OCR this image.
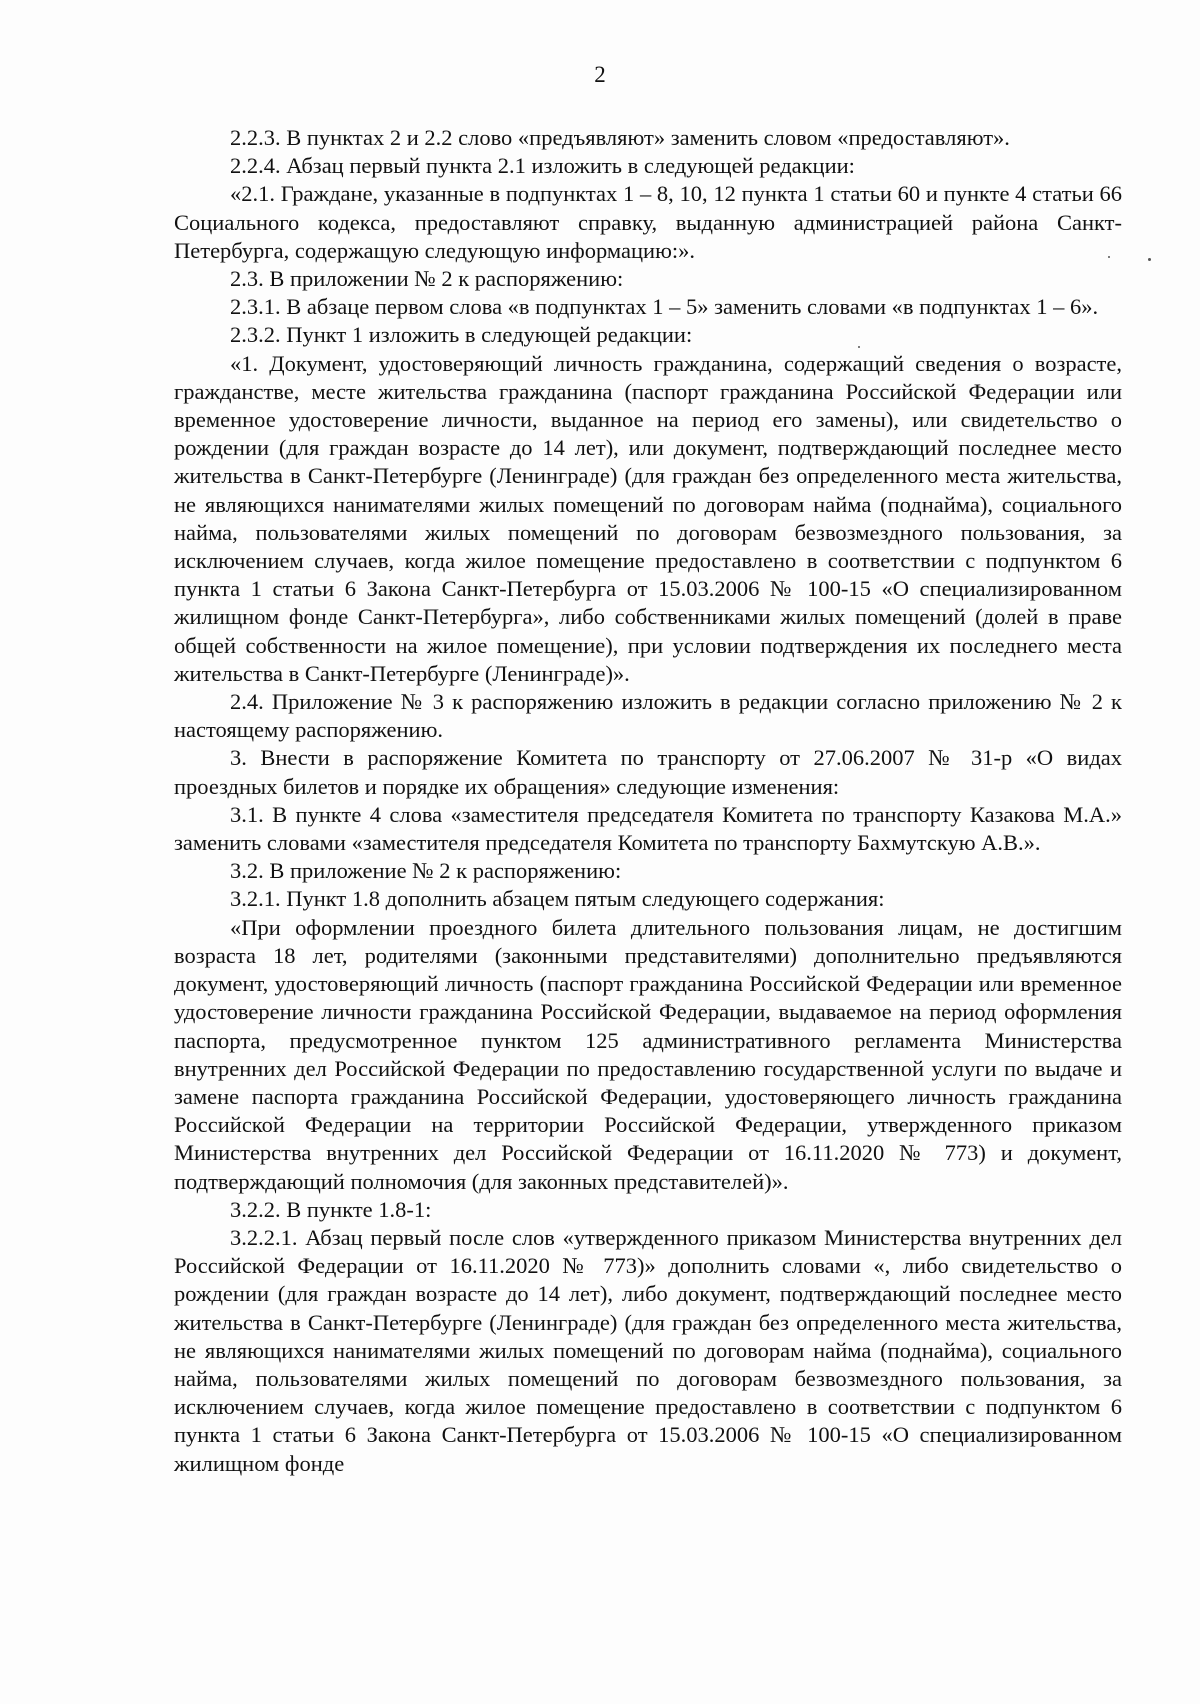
2

2.2.3. В пунктах 2 и 2.2 слово «предъявляют» заменить словом «предоставляют».

2.2.4. Абзац первый пункта 2.1 изложить в следующей редакции:

«2.1. Граждане, указанные в подпунктах 1 – 8, 10, 12 пункта 1 статьи 60 и пункте 4 статьи 66 Социального кодекса, предоставляют справку, выданную администрацией района Санкт-Петербурга, содержащую следующую информацию:».

2.3. В приложении № 2 к распоряжению:

2.3.1. В абзаце первом слова «в подпунктах 1 – 5» заменить словами «в подпунктах 1 – 6».

2.3.2. Пункт 1 изложить в следующей редакции:

«1. Документ, удостоверяющий личность гражданина, содержащий сведения о возрасте, гражданстве, месте жительства гражданина (паспорт гражданина Российской Федерации или временное удостоверение личности, выданное на период его замены), или свидетельство о рождении (для граждан возрасте до 14 лет), или документ, подтверждающий последнее место жительства в Санкт-Петербурге (Ленинграде) (для граждан без определенного места жительства, не являющихся нанимателями жилых помещений по договорам найма (поднайма), социального найма, пользователями жилых помещений по договорам безвозмездного пользования, за исключением случаев, когда жилое помещение предоставлено в соответствии с подпунктом 6 пункта 1 статьи 6 Закона Санкт-Петербурга от 15.03.2006 № 100-15 «О специализированном жилищном фонде Санкт-Петербурга», либо собственниками жилых помещений (долей в праве общей собственности на жилое помещение), при условии подтверждения их последнего места жительства в Санкт-Петербурге (Ленинграде)».

2.4. Приложение № 3 к распоряжению изложить в редакции согласно приложению № 2 к настоящему распоряжению.

3. Внести в распоряжение Комитета по транспорту от 27.06.2007 № 31-р «О видах проездных билетов и порядке их обращения» следующие изменения:

3.1. В пункте 4 слова «заместителя председателя Комитета по транспорту Казакова М.А.» заменить словами «заместителя председателя Комитета по транспорту Бахмутскую А.В.».

3.2. В приложение № 2 к распоряжению:

3.2.1. Пункт 1.8 дополнить абзацем пятым следующего содержания:

«При оформлении проездного билета длительного пользования лицам, не достигшим возраста 18 лет, родителями (законными представителями) дополнительно предъявляются документ, удостоверяющий личность (паспорт гражданина Российской Федерации или временное удостоверение личности гражданина Российской Федерации, выдаваемое на период оформления паспорта, предусмотренное пунктом 125 административного регламента Министерства внутренних дел Российской Федерации по предоставлению государственной услуги по выдаче и замене паспорта гражданина Российской Федерации, удостоверяющего личность гражданина Российской Федерации на территории Российской Федерации, утвержденного приказом Министерства внутренних дел Российской Федерации от 16.11.2020 № 773) и документ, подтверждающий полномочия (для законных представителей)».

3.2.2. В пункте 1.8-1:

3.2.2.1. Абзац первый после слов «утвержденного приказом Министерства внутренних дел Российской Федерации от 16.11.2020 № 773)» дополнить словами «, либо свидетельство о рождении (для граждан возрасте до 14 лет), либо документ, подтверждающий последнее место жительства в Санкт-Петербурге (Ленинграде) (для граждан без определенного места жительства, не являющихся нанимателями жилых помещений по договорам найма (поднайма), социального найма, пользователями жилых помещений по договорам безвозмездного пользования, за исключением случаев, когда жилое помещение предоставлено в соответствии с подпунктом 6 пункта 1 статьи 6 Закона Санкт-Петербурга от 15.03.2006 № 100-15 «О специализированном жилищном фонде
